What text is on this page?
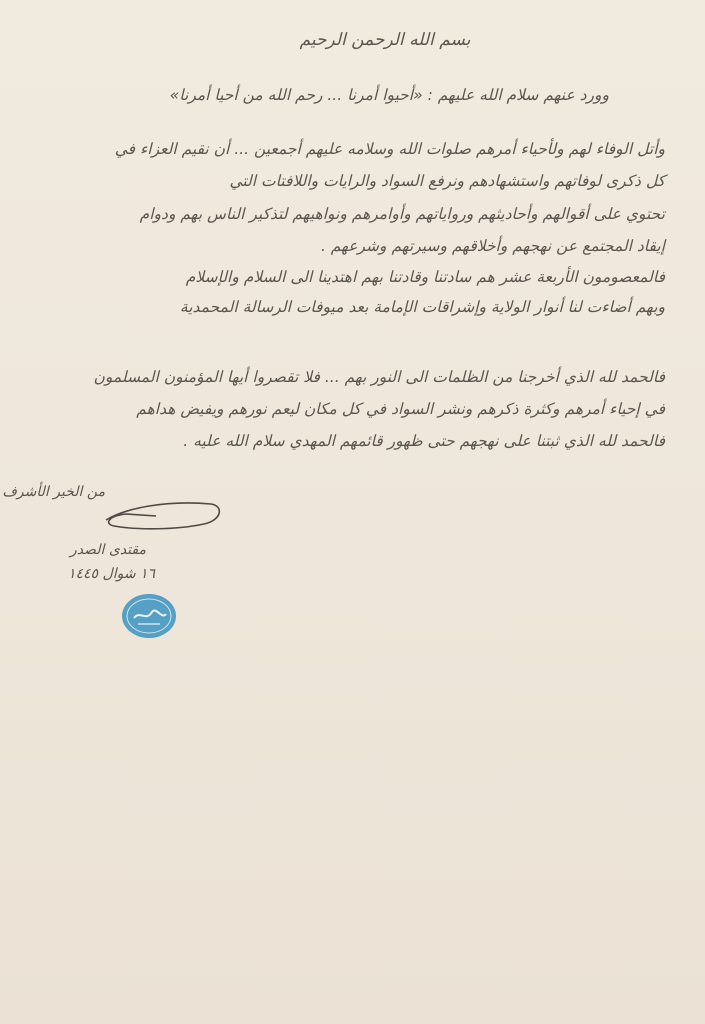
بسم الله الرحمن الرحيم
وورد عنهم سلام الله عليهم : «أحيوا أمرنا ... رحم الله من أحيا أمرنا»
وأتل الوفاء لهم ولأحياء أمرهم صلوات الله وسلامه عليهم أجمعين ... أن نقيم العزاء في
كل ذكرى لوفاتهم واستشهادهم ونرفع السواد والرايات واللافتات التي
تحتوي على أقوالهم وأحاديثهم ورواياتهم وأوامرهم ونواهيهم لتذكير الناس بهم ودوام
إيقاد المجتمع عن نهجهم وأخلاقهم وسيرتهم وشرعهم .
فالمعصومون الأربعة عشر هم سادتنا وقادتنا بهم اهتدينا الى السلام والإسلام
وبهم أضاءت لنا أنوار الولاية وإشراقات الإمامة بعد ميوفات الرسالة المحمدية
فالحمد لله الذي أخرجنا من الظلمات الى النور بهم ... فلا تقصروا أيها المؤمنون المسلمون
في إحياء أمرهم وكثرة ذكرهم ونشر السواد في كل مكان ليعم نورهم ويفيض هداهم
فالحمد لله الذي ثبتنا على نهجهم حتى ظهور قائمهم المهدي سلام الله عليه .
من الخير الأشرف
مقتدى الصدر
١٦ شوال ١٤٤٥
